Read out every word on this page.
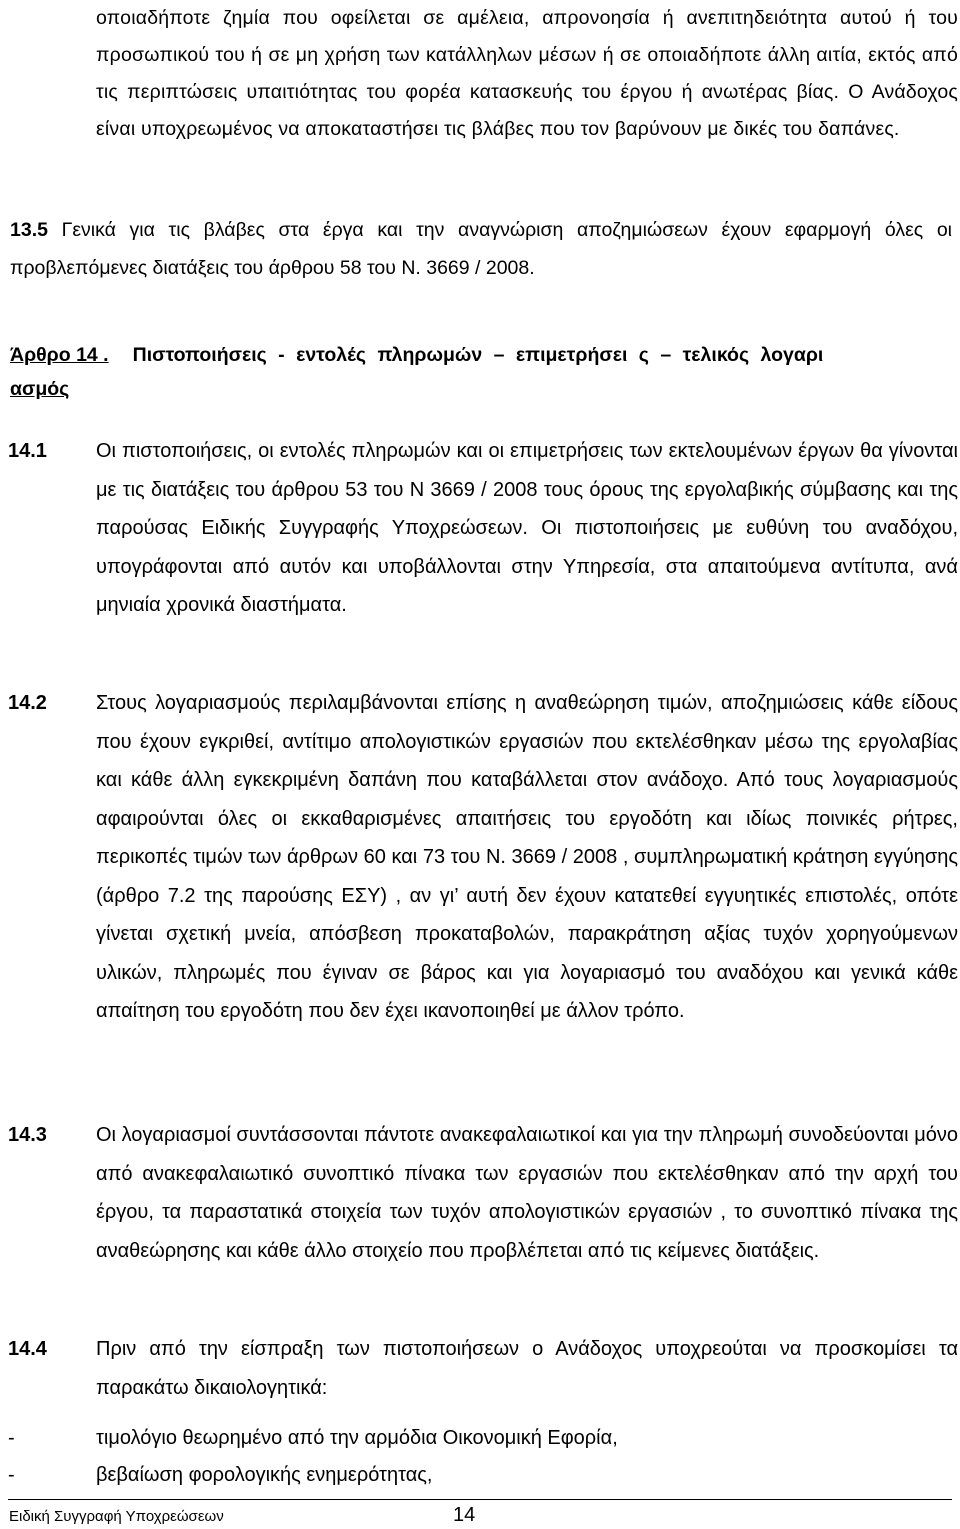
οποιαδήποτε ζημία που οφείλεται σε αμέλεια, απρονοησία ή ανεπιτηδειότητα αυτού ή του προσωπικού του ή σε μη χρήση των κατάλληλων μέσων ή σε οποιαδήποτε άλλη αιτία, εκτός από τις περιπτώσεις υπαιτιότητας του φορέα κατασκευής του έργου ή ανωτέρας βίας. Ο Ανάδοχος είναι υποχρεωμένος να αποκαταστήσει τις βλάβες που τον βαρύνουν με δικές του δαπάνες.
13.5 Γενικά για τις βλάβες στα έργα και την αναγνώριση αποζημιώσεων έχουν εφαρμογή όλες οι προβλεπόμενες διατάξεις του άρθρου 58 του Ν. 3669 / 2008.
Άρθρο 14 . Πιστοποιήσεις - εντολές πληρωμών – επιμετρήσει ς – τελικός λογαρι
ασμός
14.1 Οι πιστοποιήσεις, οι εντολές πληρωμών και οι επιμετρήσεις των εκτελουμένων έργων θα γίνονται με τις διατάξεις του άρθρου 53 του Ν 3669 / 2008 τους όρους της εργολαβικής σύμβασης και της παρούσας Ειδικής Συγγραφής Υποχρεώσεων. Οι πιστοποιήσεις με ευθύνη του αναδόχου, υπογράφονται από αυτόν και υποβάλλονται στην Υπηρεσία, στα απαιτούμενα αντίτυπα, ανά μηνιαία χρονικά διαστήματα.
14.2 Στους λογαριασμούς περιλαμβάνονται επίσης η αναθεώρηση τιμών, αποζημιώσεις κάθε είδους που έχουν εγκριθεί, αντίτιμο απολογιστικών εργασιών που εκτελέσθηκαν μέσω της εργολαβίας και κάθε άλλη εγκεκριμένη δαπάνη που καταβάλλεται στον ανάδοχο. Από τους λογαριασμούς αφαιρούνται όλες οι εκκαθαρισμένες απαιτήσεις του εργοδότη και ιδίως ποινικές ρήτρες, περικοπές τιμών των άρθρων 60 και 73 του Ν. 3669 / 2008 , συμπληρωματική κράτηση εγγύησης (άρθρο 7.2 της παρούσης ΕΣΥ) , αν γι’ αυτή δεν έχουν κατατεθεί εγγυητικές επιστολές, οπότε γίνεται σχετική μνεία, απόσβεση προκαταβολών, παρακράτηση αξίας τυχόν χορηγούμενων υλικών, πληρωμές που έγιναν σε βάρος και για λογαριασμό του αναδόχου και γενικά κάθε απαίτηση του εργοδότη που δεν έχει ικανοποιηθεί με άλλον τρόπο.
14.3 Οι λογαριασμοί συντάσσονται πάντοτε ανακεφαλαιωτικοί και για την πληρωμή συνοδεύονται μόνο από ανακεφαλαιωτικό συνοπτικό πίνακα των εργασιών που εκτελέσθηκαν από την αρχή του έργου, τα παραστατικά στοιχεία των τυχόν απολογιστικών εργασιών , το συνοπτικό πίνακα της αναθεώρησης και κάθε άλλο στοιχείο που προβλέπεται από τις κείμενες διατάξεις.
14.4 Πριν από την είσπραξη των πιστοποιήσεων ο Ανάδοχος υποχρεούται να προσκομίσει τα παρακάτω δικαιολογητικά:
-	τιμολόγιο θεωρημένο από την αρμόδια Οικονομική Εφορία,
-	βεβαίωση φορολογικής ενημερότητας,
Ειδική Συγγραφή Υποχρεώσεων	14
